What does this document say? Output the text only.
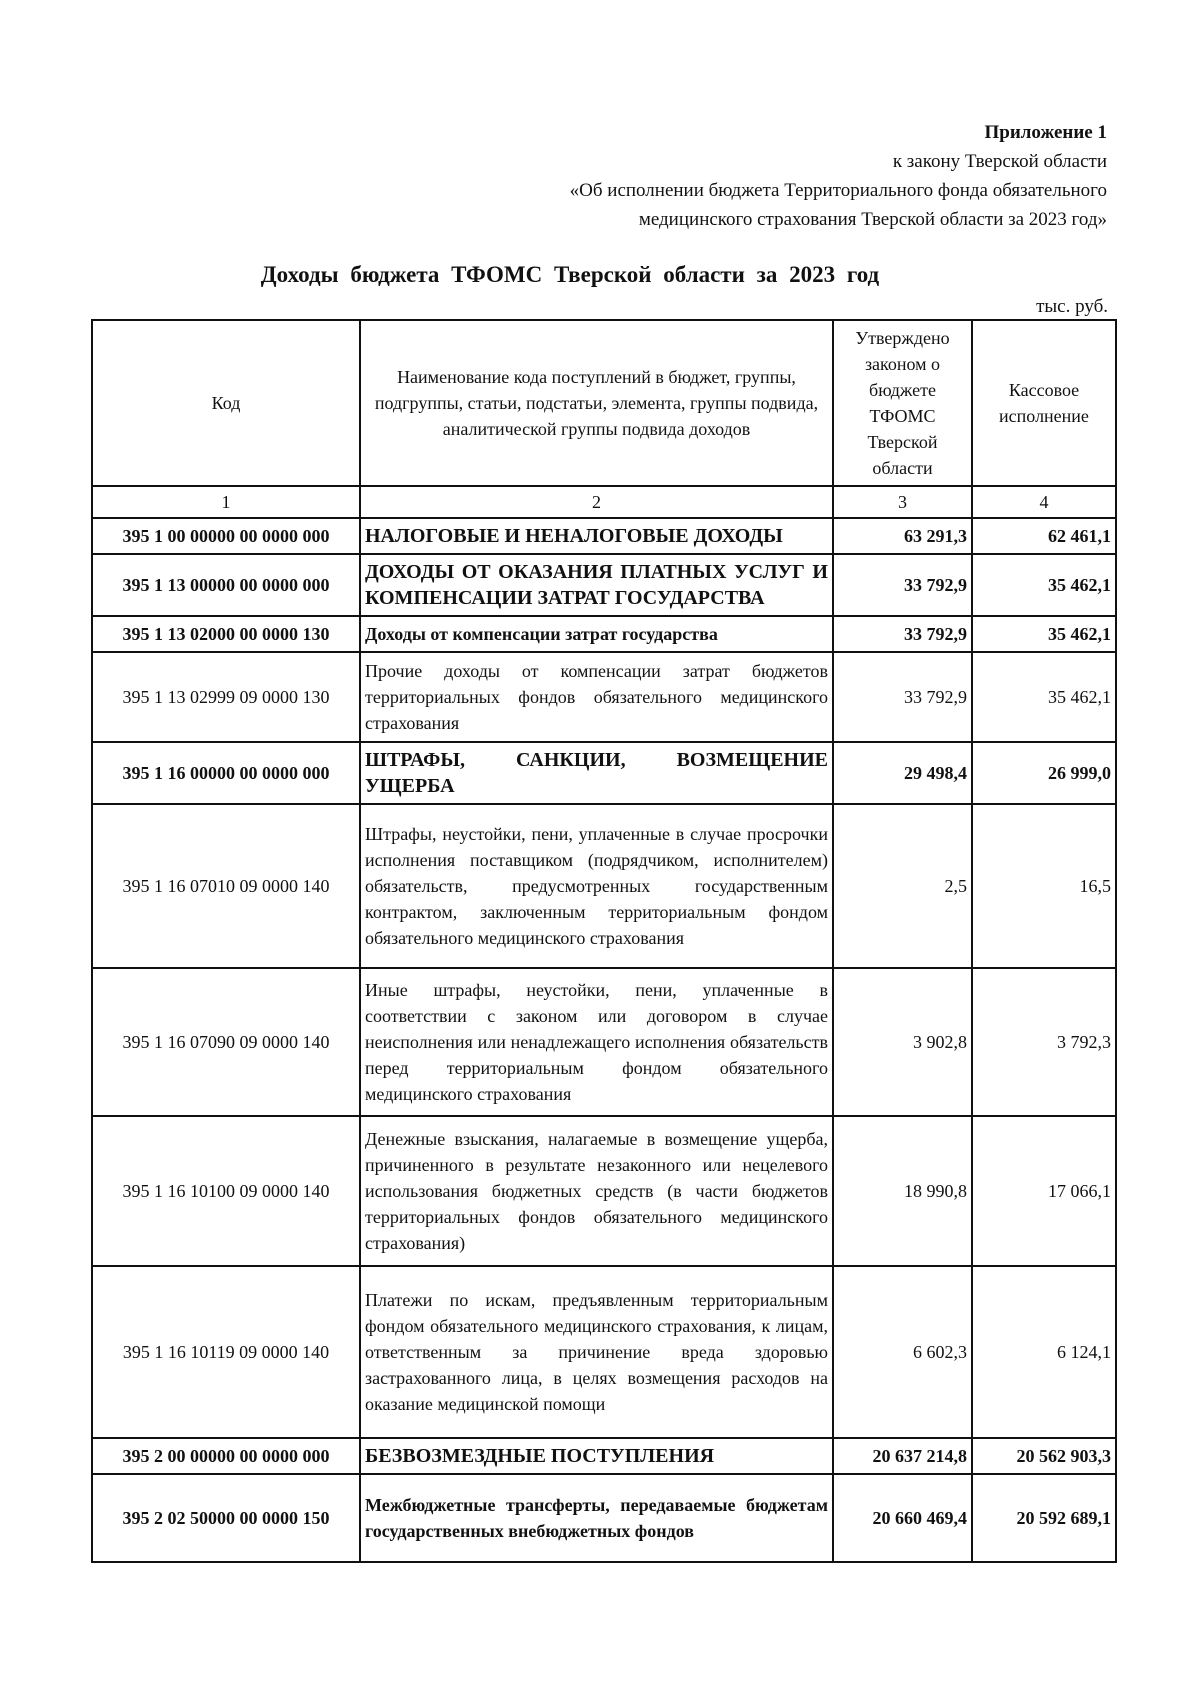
Приложение 1
к закону Тверской области
«Об исполнении бюджета Территориального фонда обязательного
медицинского страхования Тверской области за 2023 год»
Доходы бюджета ТФОМС Тверской области за 2023 год
тыс. руб.
Код	Наименование кода поступлений в бюджет, группы, подгруппы, статьи, подстатьи, элемента, группы подвида, аналитической группы подвида доходов	Утверждено законом о бюджете ТФОМС Тверской области	Кассовое исполнение
1	2	3	4
395 1 00 00000 00 0000 000	НАЛОГОВЫЕ И НЕНАЛОГОВЫЕ ДОХОДЫ	63 291,3	62 461,1
395 1 13 00000 00 0000 000	ДОХОДЫ ОТ ОКАЗАНИЯ ПЛАТНЫХ УСЛУГ И КОМПЕНСАЦИИ ЗАТРАТ ГОСУДАРСТВА	33 792,9	35 462,1
395 1 13 02000 00 0000 130	Доходы от компенсации затрат государства	33 792,9	35 462,1
395 1 13 02999 09 0000 130	Прочие доходы от компенсации затрат бюджетов территориальных фондов обязательного медицинского страхования	33 792,9	35 462,1
395 1 16 00000 00 0000 000	ШТРАФЫ, САНКЦИИ, ВОЗМЕЩЕНИЕ УЩЕРБА	29 498,4	26 999,0
395 1 16 07010 09 0000 140	Штрафы, неустойки, пени, уплаченные в случае просрочки исполнения поставщиком (подрядчиком, исполнителем) обязательств, предусмотренных государственным контрактом, заключенным территориальным фондом обязательного медицинского страхования	2,5	16,5
395 1 16 07090 09 0000 140	Иные штрафы, неустойки, пени, уплаченные в соответствии с законом или договором в случае неисполнения или ненадлежащего исполнения обязательств перед территориальным фондом обязательного медицинского страхования	3 902,8	3 792,3
395 1 16 10100 09 0000 140	Денежные взыскания, налагаемые в возмещение ущерба, причиненного в результате незаконного или нецелевого использования бюджетных средств (в части бюджетов территориальных фондов обязательного медицинского страхования)	18 990,8	17 066,1
395 1 16 10119 09 0000 140	Платежи по искам, предъявленным территориальным фондом обязательного медицинского страхования, к лицам, ответственным за причинение вреда здоровью застрахованного лица, в целях возмещения расходов на оказание медицинской помощи	6 602,3	6 124,1
395 2 00 00000 00 0000 000	БЕЗВОЗМЕЗДНЫЕ ПОСТУПЛЕНИЯ	20 637 214,8	20 562 903,3
395 2 02 50000 00 0000 150	Межбюджетные трансферты, передаваемые бюджетам государственных внебюджетных фондов	20 660 469,4	20 592 689,1
